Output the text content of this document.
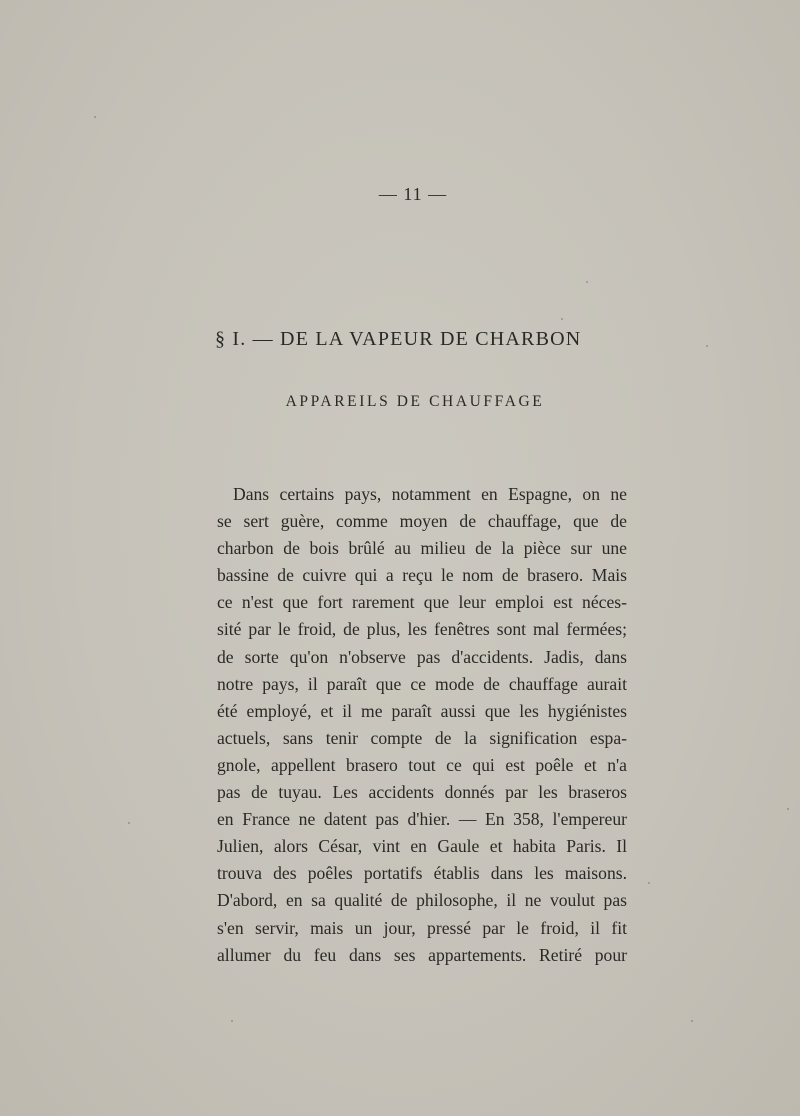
— 11 —
§ I. — DE LA VAPEUR DE CHARBON
APPAREILS DE CHAUFFAGE
Dans certains pays, notamment en Espagne, on ne
se sert guère, comme moyen de chauffage, que de
charbon de bois brûlé au milieu de la pièce sur une
bassine de cuivre qui a reçu le nom de brasero. Mais
ce n'est que fort rarement que leur emploi est néces-
sité par le froid, de plus, les fenêtres sont mal fermées;
de sorte qu'on n'observe pas d'accidents. Jadis, dans
notre pays, il paraît que ce mode de chauffage aurait
été employé, et il me paraît aussi que les hygiénistes
actuels, sans tenir compte de la signification espa-
gnole, appellent brasero tout ce qui est poêle et n'a
pas de tuyau. Les accidents donnés par les braseros
en France ne datent pas d'hier. — En 358, l'empereur
Julien, alors César, vint en Gaule et habita Paris. Il
trouva des poêles portatifs établis dans les maisons.
D'abord, en sa qualité de philosophe, il ne voulut pas
s'en servir, mais un jour, pressé par le froid, il fit
allumer du feu dans ses appartements. Retiré pour
